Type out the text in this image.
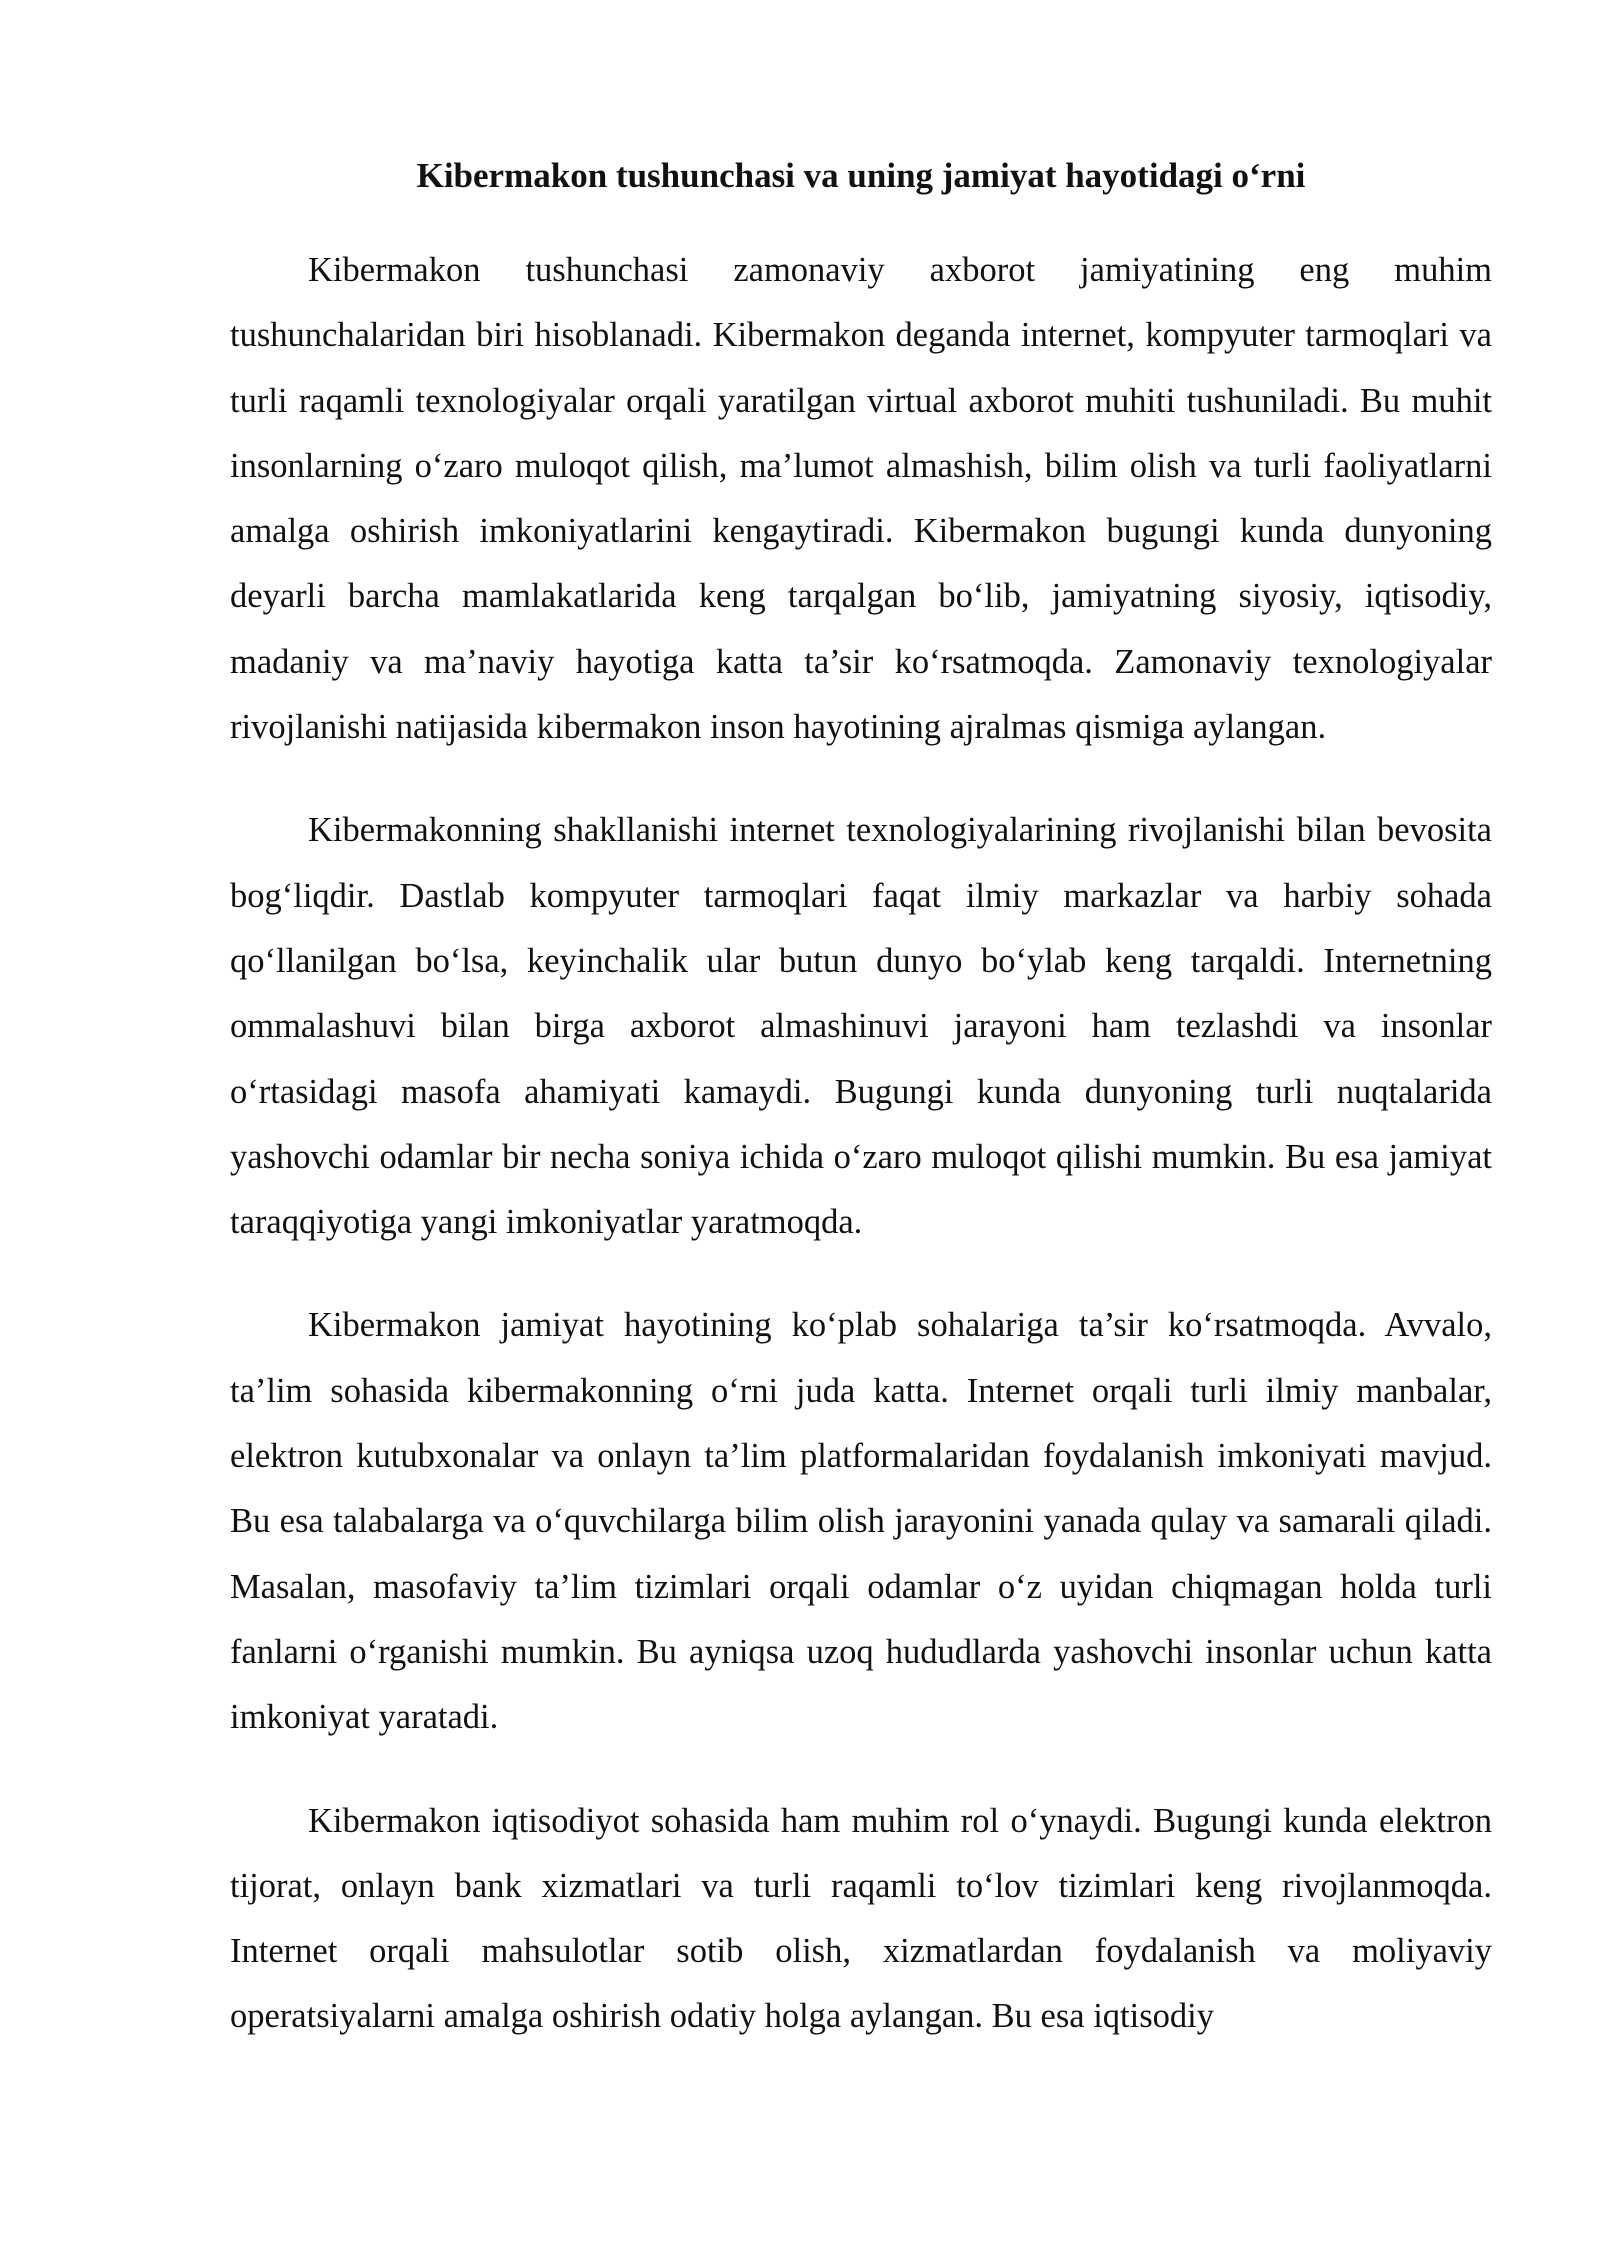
Kibermakon tushunchasi va uning jamiyat hayotidagi o‘rni

Kibermakon tushunchasi zamonaviy axborot jamiyatining eng muhim tushunchalaridan biri hisoblanadi. Kibermakon deganda internet, kompyuter tarmoqlari va turli raqamli texnologiyalar orqali yaratilgan virtual axborot muhiti tushuniladi. Bu muhit insonlarning o‘zaro muloqot qilish, ma’lumot almashish, bilim olish va turli faoliyatlarni amalga oshirish imkoniyatlarini kengaytiradi. Kibermakon bugungi kunda dunyoning deyarli barcha mamlakatlarida keng tarqalgan bo‘lib, jamiyatning siyosiy, iqtisodiy, madaniy va ma’naviy hayotiga katta ta’sir ko‘rsatmoqda. Zamonaviy texnologiyalar rivojlanishi natijasida kibermakon inson hayotining ajralmas qismiga aylangan.

Kibermakonning shakllanishi internet texnologiyalarining rivojlanishi bilan bevosita bog‘liqdir. Dastlab kompyuter tarmoqlari faqat ilmiy markazlar va harbiy sohada qo‘llanilgan bo‘lsa, keyinchalik ular butun dunyo bo‘ylab keng tarqaldi. Internetning ommalashuvi bilan birga axborot almashinuvi jarayoni ham tezlashdi va insonlar o‘rtasidagi masofa ahamiyati kamaydi. Bugungi kunda dunyoning turli nuqtalarida yashovchi odamlar bir necha soniya ichida o‘zaro muloqot qilishi mumkin. Bu esa jamiyat taraqqiyotiga yangi imkoniyatlar yaratmoqda.

Kibermakon jamiyat hayotining ko‘plab sohalariga ta’sir ko‘rsatmoqda. Avvalo, ta’lim sohasida kibermakonning o‘rni juda katta. Internet orqali turli ilmiy manbalar, elektron kutubxonalar va onlayn ta’lim platformalaridan foydalanish imkoniyati mavjud. Bu esa talabalarga va o‘quvchilarga bilim olish jarayonini yanada qulay va samarali qiladi. Masalan, masofaviy ta’lim tizimlari orqali odamlar o‘z uyidan chiqmagan holda turli fanlarni o‘rganishi mumkin. Bu ayniqsa uzoq hududlarda yashovchi insonlar uchun katta imkoniyat yaratadi.

Kibermakon iqtisodiyot sohasida ham muhim rol o‘ynaydi. Bugungi kunda elektron tijorat, onlayn bank xizmatlari va turli raqamli to‘lov tizimlari keng rivojlanmoqda. Internet orqali mahsulotlar sotib olish, xizmatlardan foydalanish va moliyaviy operatsiyalarni amalga oshirish odatiy holga aylangan. Bu esa iqtisodiy
